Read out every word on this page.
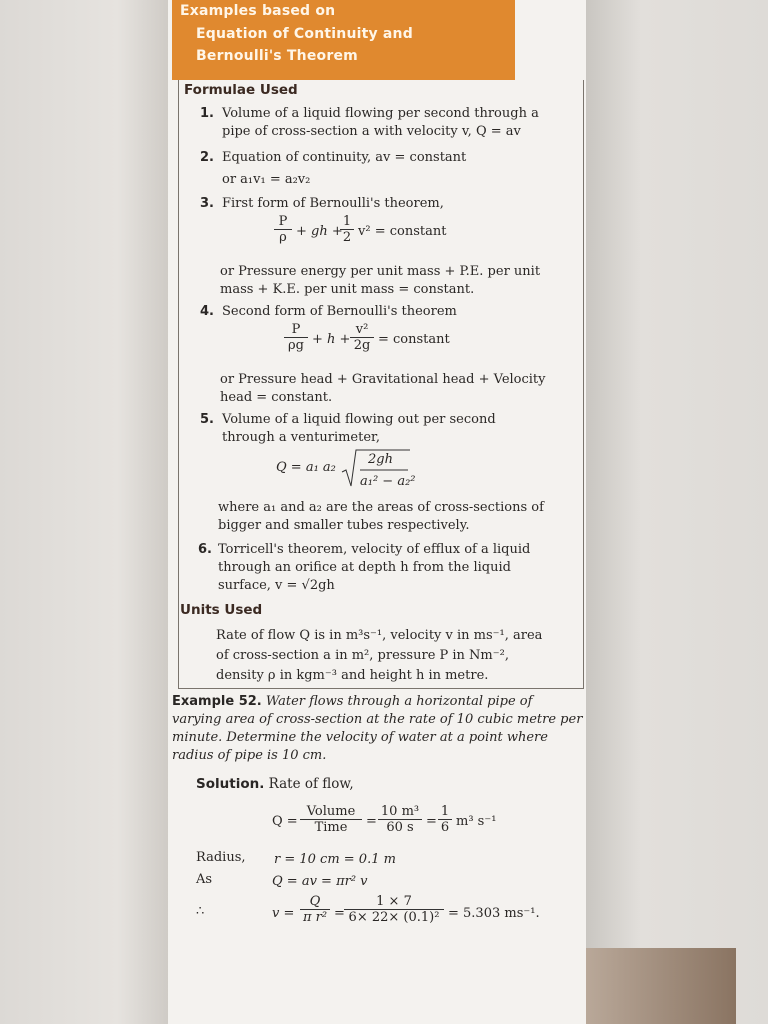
Examples based on
Equation of Continuity and
Bernoulli's Theorem
Formulae Used
1. Volume of a liquid flowing per second through a
pipe of cross-section a with velocity v, Q = av
2. Equation of continuity, av = constant
or a₁v₁ = a₂v₂
3. First form of Bernoulli's theorem,
$\frac{P}{\rho}$ + gh +
$\frac{1}{2} v^2$ = constant
or Pressure energy per unit mass + P.E. per unit
mass + K.E. per unit mass = constant.
4. Second form of Bernoulli's theorem
$\frac{P}{\rho g} + h + \frac{\text{v²}}{2g}$ = constant
or Pressure head + Gravitational head + Velocity
head = constant.
5. Volume of a liquid flowing out per second
through a venturimeter,
Q = a₁ a₂
2gh
a₁² − a₂²
where a₁ and a₂ are the areas of cross-sections of
bigger and smaller tubes respectively.
6. Torricell's theorem, velocity of efflux of a liquid
through an orifice at depth h from the liquid
surface, v = √2gh
Units Used
Rate of flow Q is in m³s⁻¹, velocity v in ms⁻¹, area
of cross-section a in m², pressure P in Nm⁻²,
density ρ in kgm⁻³ and height h in metre.
Example 52. Water flows through a horizontal pipe of
varying area of cross-section at the rate of 10 cubic metre per
minute. Determine the velocity of water at a point where
radius of pipe is 10 cm.
Solution. Rate of flow,
Q =
Volume
Time	= $\frac{\text{10 m³}}{60 s} = \frac{1}{6} m^3$ s⁻¹
Radius, r = 10 cm = 0.1 m
As	Q = av = πr² v
∴	$v = \frac{Q}{\text{π r²}} = \frac{1 \times 7}{\text{6× 22× (0.1)²}} = 5.303$ ms⁻¹.
